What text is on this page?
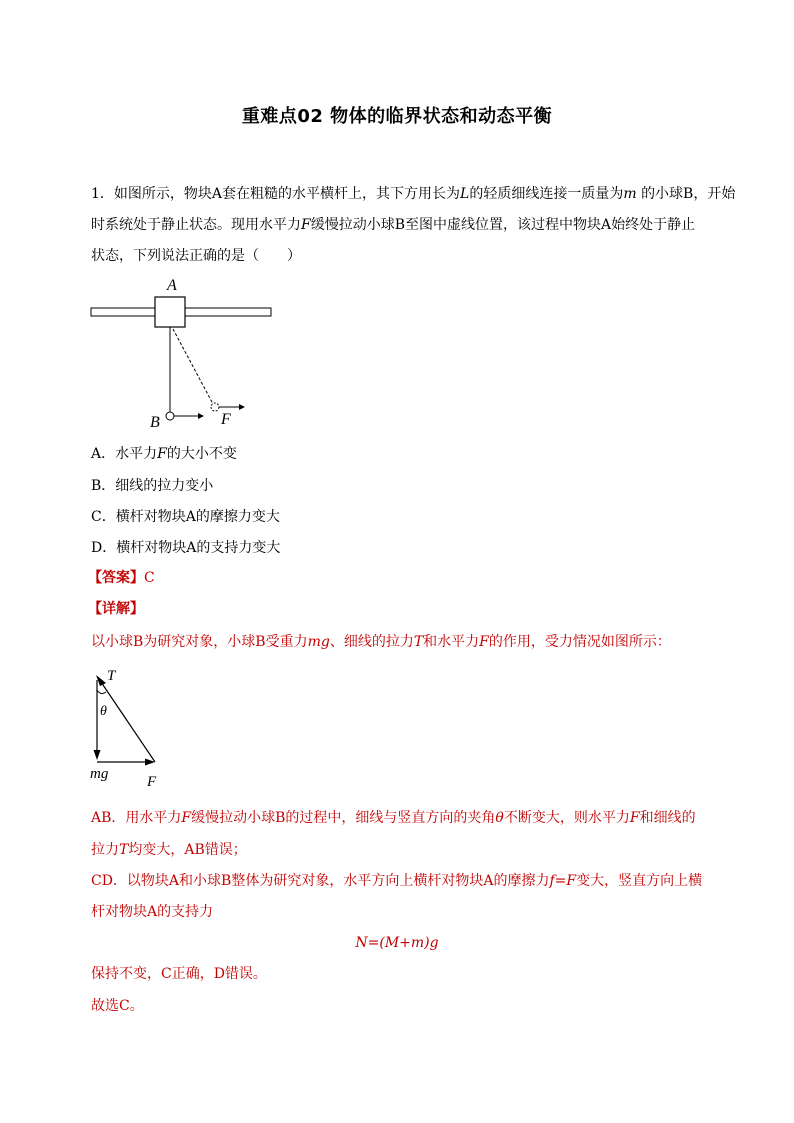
重难点02 物体的临界状态和动态平衡
1．如图所示，物块A套在粗糙的水平横杆上，其下方用长为L的轻质细线连接一质量为m 的小球B，开始
时系统处于静止状态。现用水平力F缓慢拉动小球B至图中虚线位置，该过程中物块A始终处于静止
状态，下列说法正确的是（　　）
A
B	F
A．水平力F的大小不变
B．细线的拉力变小
C．横杆对物块A的摩擦力变大
D．横杆对物块A的支持力变大
【答案】C
【详解】
以小球B为研究对象，小球B受重力mg、细线的拉力T和水平力F的作用，受力情况如图所示：
T
θ
mg	F
AB．用水平力F缓慢拉动小球B的过程中，细线与竖直方向的夹角θ不断变大，则水平力F和细线的
拉力T均变大，AB错误；
CD．以物块A和小球B整体为研究对象，水平方向上横杆对物块A的摩擦力f=F变大，竖直方向上横
杆对物块A的支持力
N=(M+m)g
保持不变，C正确，D错误。
故选C。
